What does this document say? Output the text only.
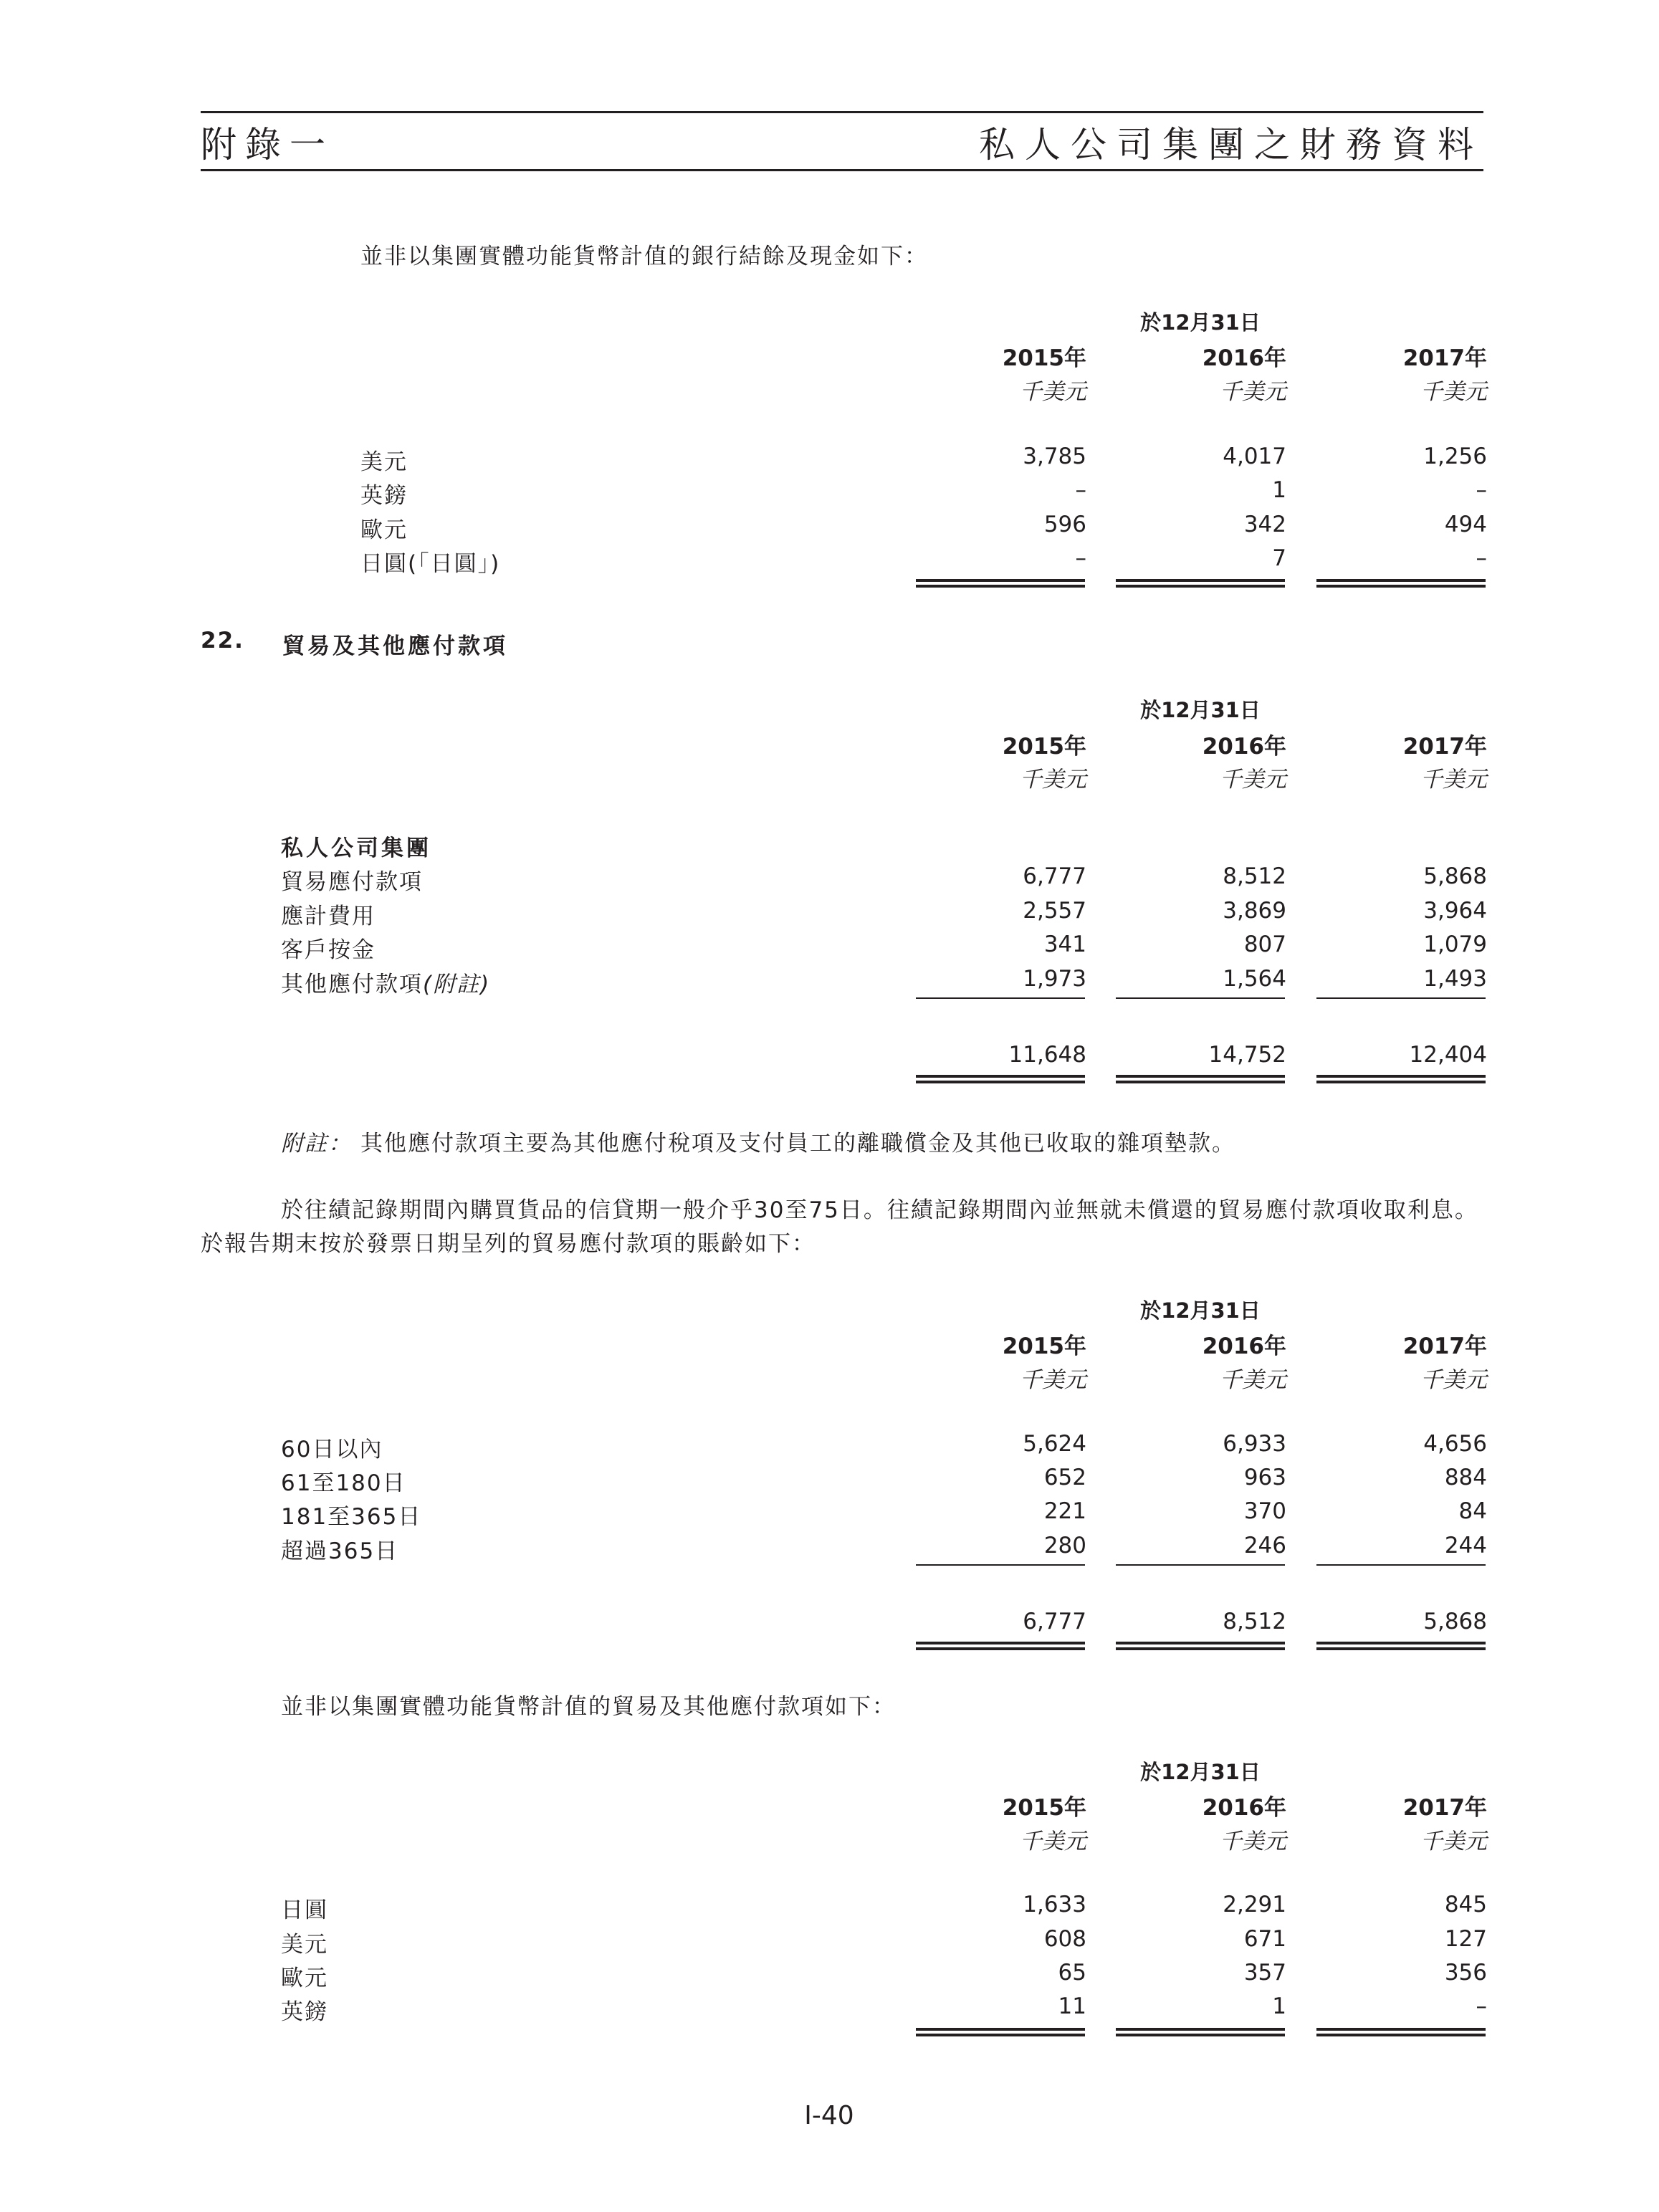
附錄一	私人公司集團之財務資料
並非以集團實體功能貨幣計值的銀行結餘及現金如下：
於12月31日
2015年	2016年	2017年
千美元	千美元	千美元
美元	3,785	4,017	1,256
英鎊	–	1	–
歐元	596	342	494
日圓(「日圓」)	–	7	–
22. 貿易及其他應付款項
於12月31日
2015年	2016年	2017年
千美元	千美元	千美元
私人公司集團
貿易應付款項	6,777	8,512	5,868
應計費用	2,557	3,869	3,964
客戶按金	341	807	1,079
其他應付款項(附註)	1,973	1,564	1,493
11,648	14,752	12,404
附註： 其他應付款項主要為其他應付稅項及支付員工的離職償金及其他已收取的雜項墊款。
於往績記錄期間內購買貨品的信貸期一般介乎30至75日。往績記錄期間內並無就未償還的貿易應付款項收取利息。
於報告期末按於發票日期呈列的貿易應付款項的賬齡如下：
於12月31日
2015年	2016年	2017年
千美元	千美元	千美元
60日以內	5,624	6,933	4,656
61至180日	652	963	884
181至365日	221	370	84
超過365日	280	246	244
6,777	8,512	5,868
並非以集團實體功能貨幣計值的貿易及其他應付款項如下：
於12月31日
2015年	2016年	2017年
千美元	千美元	千美元
日圓	1,633	2,291	845
美元	608	671	127
歐元	65	357	356
英鎊	11	1	–
I-40
